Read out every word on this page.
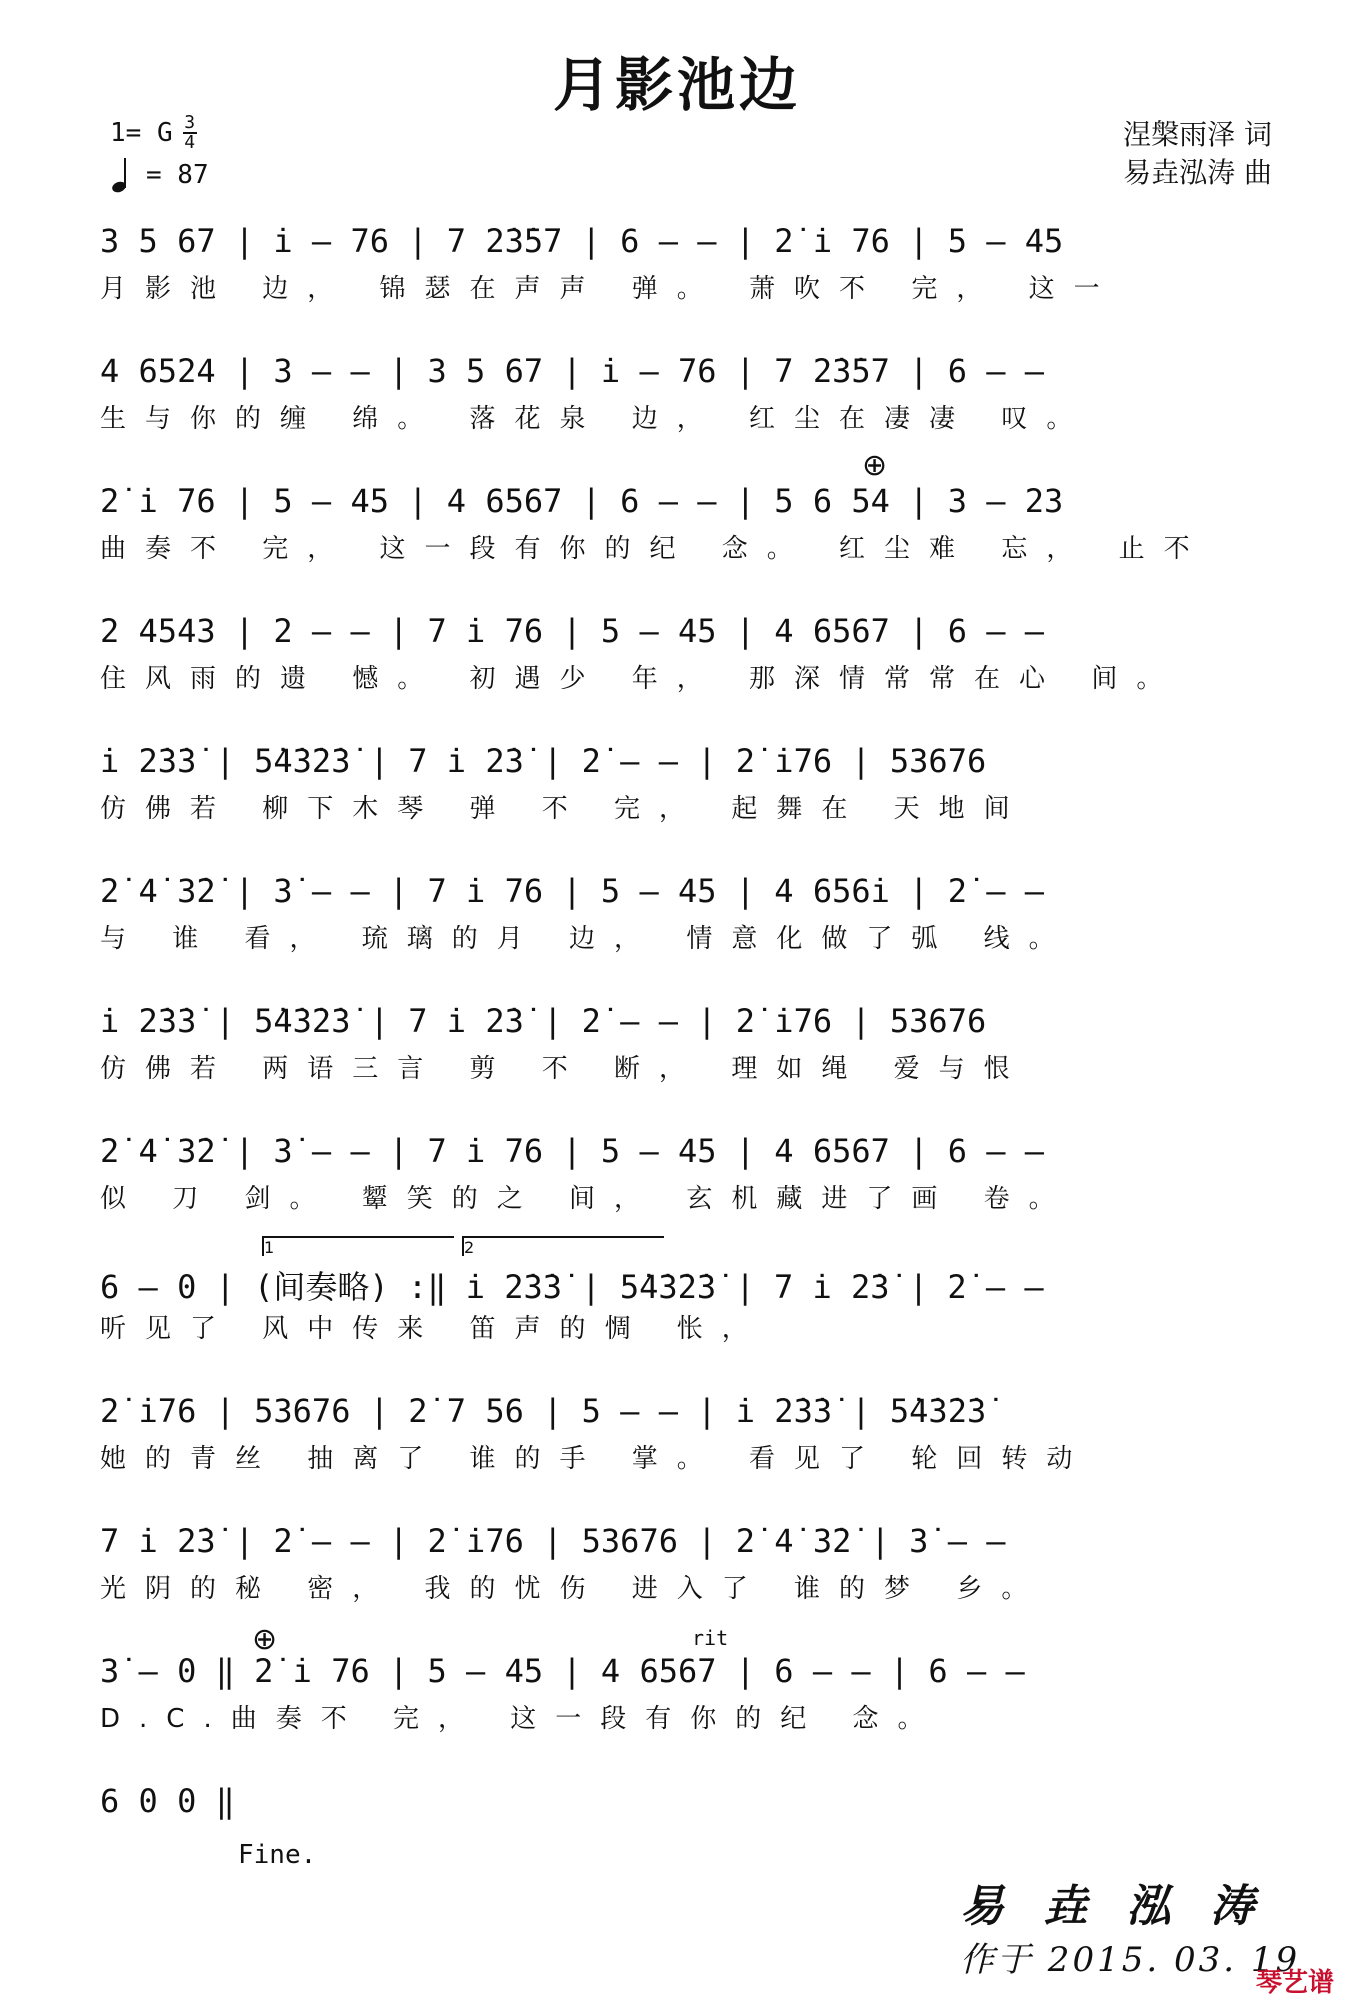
月影池边
1= G 3
4
= 87
涅槃雨泽 词
易垚泓涛 曲
3 5 67 | i̇ – 76 | 7 2̇3̇57 | 6 – – | 2̇ i̇ 76 | 5 – 45
月影池 边， 锦瑟在声声 弹。 萧吹不 完， 这一
4 6524 | 3 – – | 3 5 67 | i̇ – 76 | 7 2̇3̇57 | 6 – –
生与你的缠 绵。 落花泉 边， 红尘在凄凄 叹。
2̇ i̇ 76 | 5 – 45 | 4 6567 | 6 – – | 5 6 54 | 3 – 23
曲奏不 完， 这一段有你的纪 念。 红尘难 忘， 止不
2 4543 | 2 – – | 7 i̇ 76 | 5 – 45 | 4 6567 | 6 – –
住风雨的遗 憾。 初遇少 年， 那深情常常在心 间。
i̇ 2̇3̇3̇ | 5̇4̇3̇2̇3̇ | 7 i̇ 2̇3̇ | 2̇ – – | 2̇ i̇76 | 53676
仿佛若 柳下木琴 弹 不 完， 起舞在 天地间
2̇ 4̇ 3̇2̇ | 3̇ – – | 7 i̇ 76 | 5 – 45 | 4 656i̇ | 2̇ – –
与 谁 看， 琉璃的月 边， 情意化做了弧 线。
i̇ 2̇3̇3̇ | 5̇4̇3̇2̇3̇ | 7 i̇ 2̇3̇ | 2̇ – – | 2̇ i̇76 | 53676
仿佛若 两语三言 剪 不 断， 理如绳 爱与恨
2̇ 4̇ 3̇2̇ | 3̇ – – | 7 i̇ 76 | 5 – 45 | 4 6567 | 6 – –
似 刀 剑。 颦笑的之 间， 玄机藏进了画 卷。
6 – 0 | (间奏略) :‖ i̇ 2̇3̇3̇ | 5̇4̇3̇2̇3̇ | 7 i̇ 2̇3̇ | 2̇ – –
听见了 风中传来 笛声的惆 怅，
2̇ i̇76 | 53676 | 2̇ 7 56 | 5 – – | i̇ 2̇3̇3̇ | 5̇4̇3̇2̇3̇
她的青丝 抽离了 谁的手 掌。 看见了 轮回转动
7 i̇ 2̇3̇ | 2̇ – – | 2̇ i̇76 | 53676 | 2̇ 4̇ 3̇2̇ | 3̇ – –
光阴的秘 密， 我的忧伤 进入了 谁的梦 乡。
3̇ – 0 ‖ 2̇ i̇ 76 | 5 – 45 | 4 6567 | 6 – – | 6 – –
D.C.曲奏不 完， 这一段有你的纪 念。
6 0 0 ‖
⊕
⊕	rit
1	2
Fine.
易 垚 泓 涛
作于 2015. 03. 19
琴艺谱
